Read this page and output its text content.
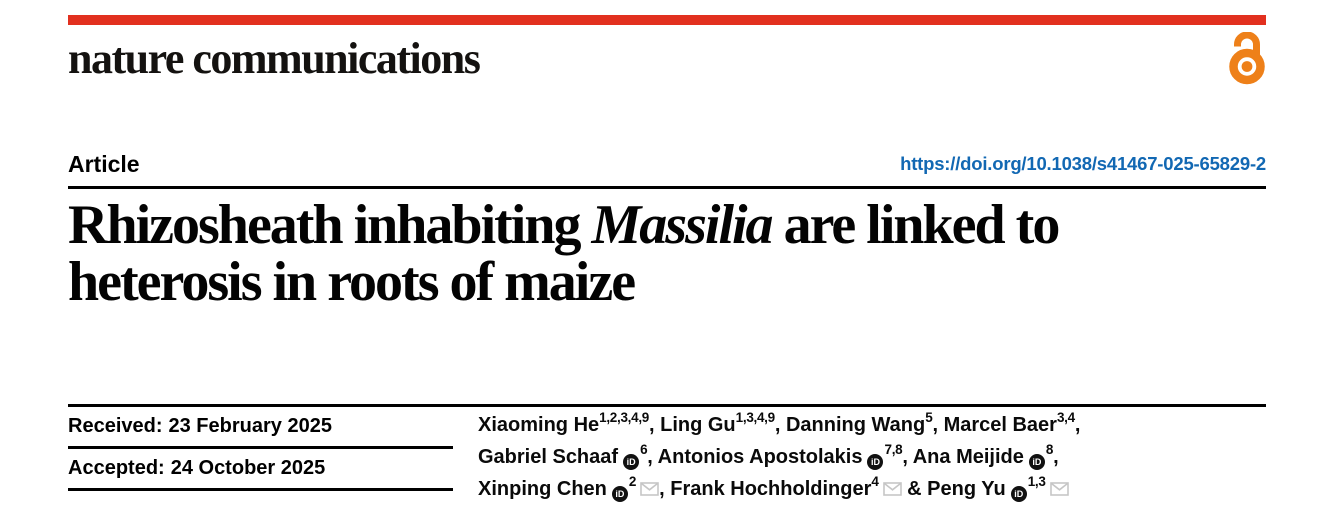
nature communications
Article	https://doi.org/10.1038/s41467-025-65829-2
Rhizosheath inhabiting Massilia are linked to
heterosis in roots of maize
Received: 23 February 2025
Accepted: 24 October 2025
Xiaoming He$^{1,2,3,4,9}$, Ling Gu$^{1,3,4,9}$, Danning Wang$^5$, Marcel Baer$^{3,4}$,
Gabriel Schaaf $iD^6$, Antonios Apostolakis iD$^{7,8}$, Ana Meijide $iD^8$,
Xinping Chen $iD^2$ , Frank Hochholdinger$^4$ & Peng Yu iD$^{1,3}$
